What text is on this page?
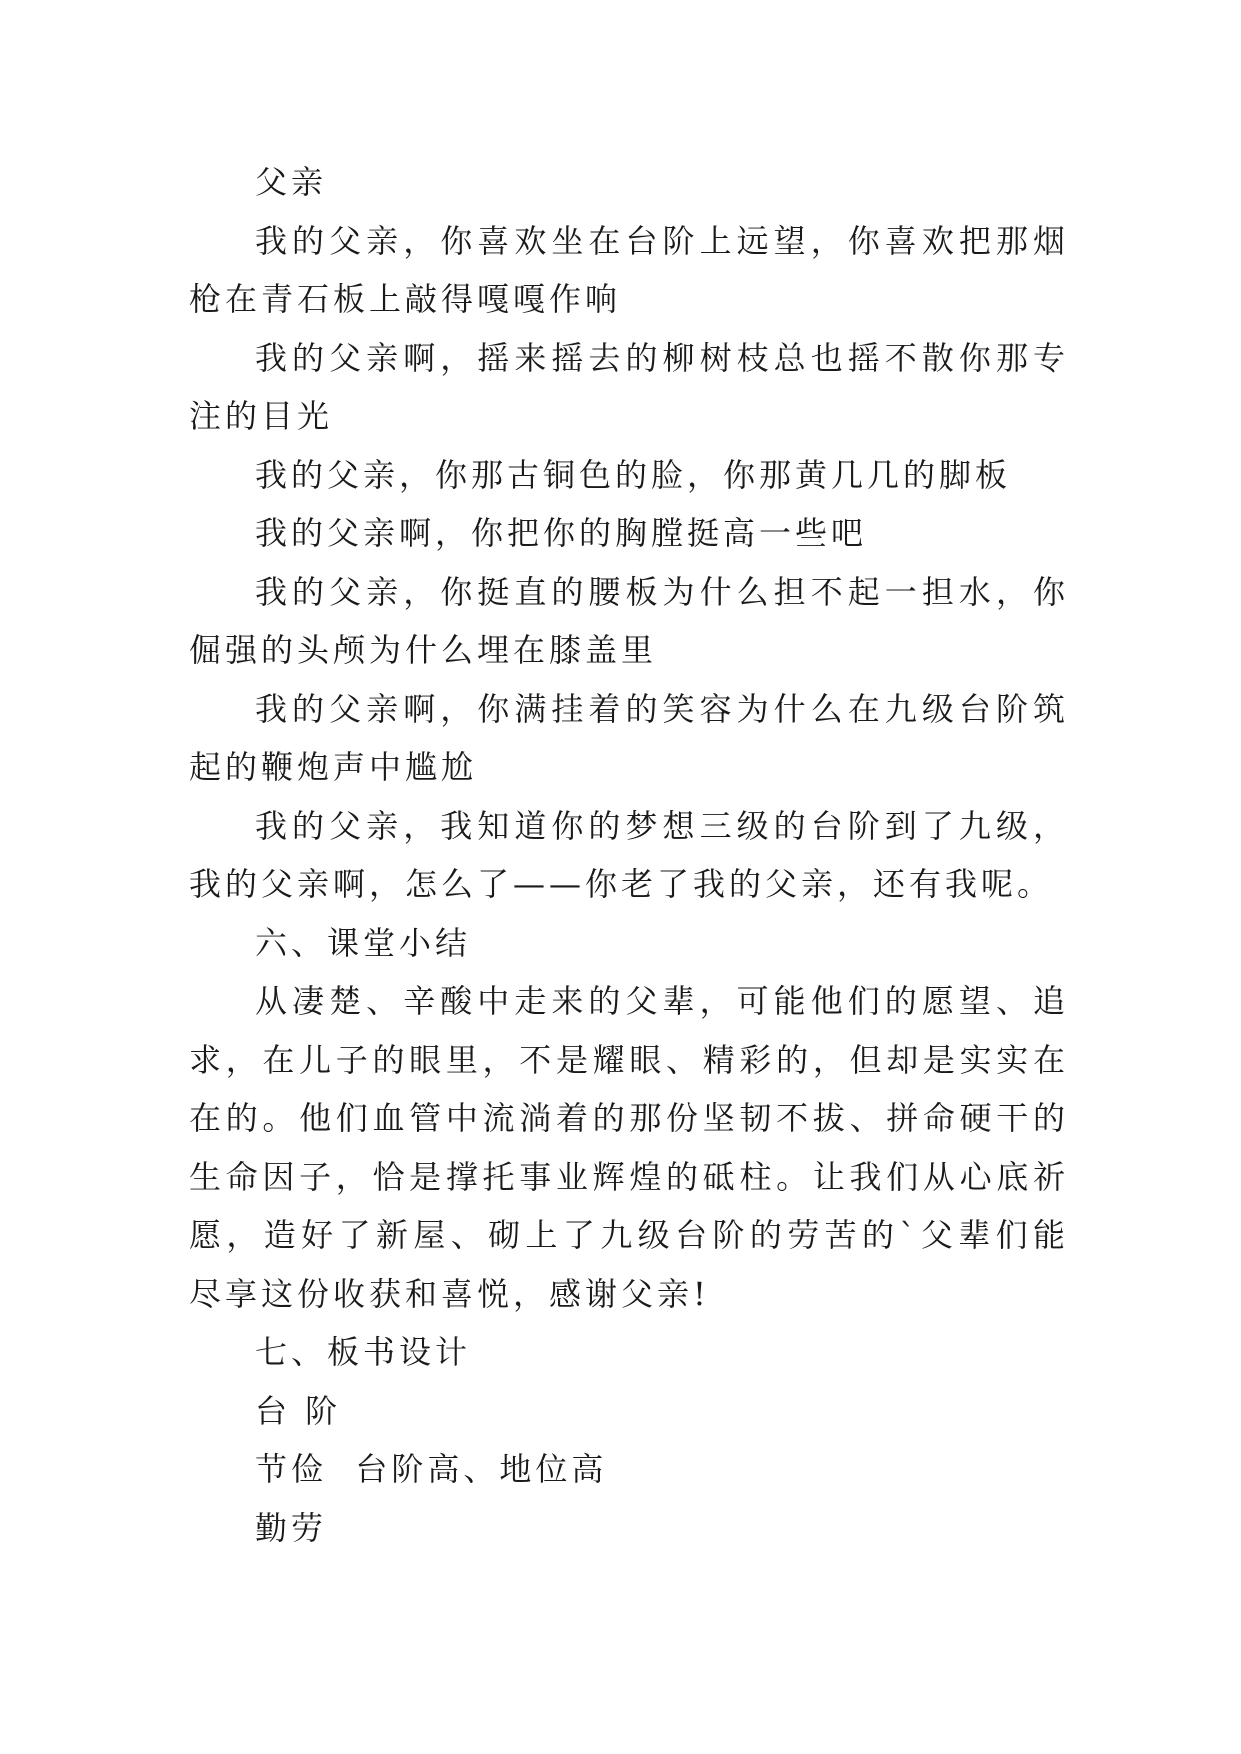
父亲

我的父亲，你喜欢坐在台阶上远望，你喜欢把那烟枪在青石板上敲得嘎嘎作响

我的父亲啊，摇来摇去的柳树枝总也摇不散你那专注的目光

我的父亲，你那古铜色的脸，你那黄几几的脚板

我的父亲啊，你把你的胸膛挺高一些吧

我的父亲，你挺直的腰板为什么担不起一担水，你倔强的头颅为什么埋在膝盖里

我的父亲啊，你满挂着的笑容为什么在九级台阶筑起的鞭炮声中尴尬

我的父亲，我知道你的梦想三级的台阶到了九级，我的父亲啊，怎么了——你老了我的父亲，还有我呢。

六、课堂小结

从凄楚、辛酸中走来的父辈，可能他们的愿望、追求，在儿子的眼里，不是耀眼、精彩的，但却是实实在在的。他们血管中流淌着的那份坚韧不拔、拼命硬干的生命因子，恰是撑托事业辉煌的砥柱。让我们从心底祈愿，造好了新屋、砌上了九级台阶的劳苦的`父辈们能尽享这份收获和喜悦，感谢父亲!

七、板书设计

台 阶

节俭  台阶高、地位高

勤劳
